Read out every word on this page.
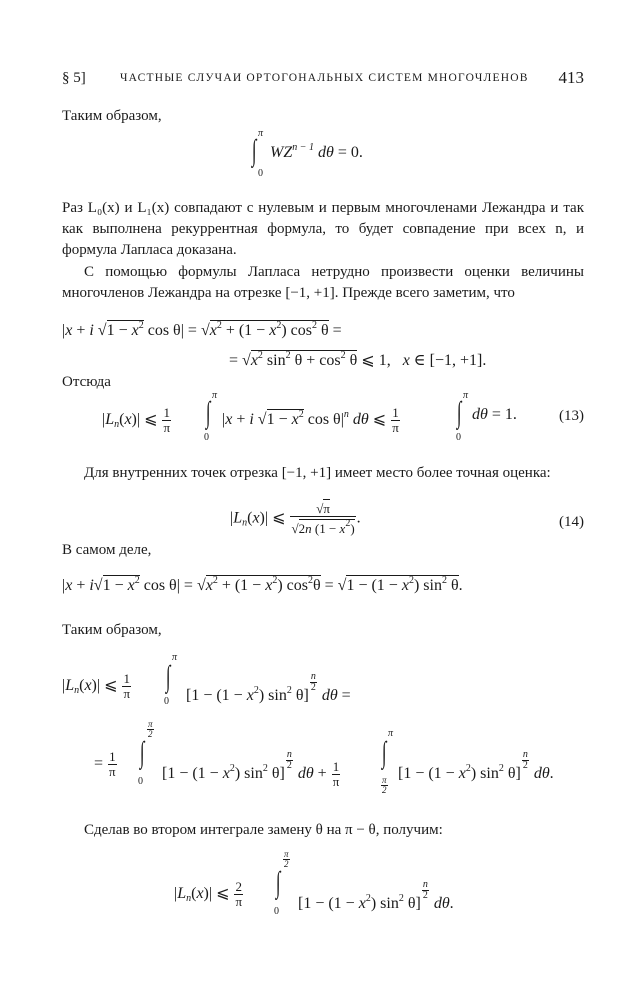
§ 5]	ЧАСТНЫЕ СЛУЧАИ ОРТОГОНАЛЬНЫХ СИСТЕМ МНОГОЧЛЕНОВ 413
Таким образом,
π
∫
0
$WZ^{n - 1}$ dθ = 0.
Раз L₀(x) и L₁(x) совпадают с нулевым и первым многочленами Лежандра и так как выполнена рекуррентная формула, то будет совпадение при всех n, и формула Лапласа доказана.
С помощью формулы Лапласа нетрудно произвести оценки величины многочленов Лежандра на отрезке [−1, +1]. Прежде всего заметим, что
|x + i $√1 - x^2$ $\cos \theta| = √x^2 + (1 - x^2)$ $\cos^2 \theta$ =
= $√x^2$ $\sin^2 \theta + \cos^2 \theta$ ⩽ 1,   x ∈ [−1, +1].
Отсюда
$|L_n(x)|$ ⩽ $\frac{1}{\pi}$
π
∫
0
|x + i $√1 - x^2$ $\cos \theta|^n$ dθ ⩽ $\frac{1}{\pi}$
π
∫
0
dθ = 1.	(13)
Для внутренних точек отрезка [−1, +1] имеет место более точная оценка:
$|L_n(x)|$ ⩽ $\frac{√\pi}{√2n (1 - x^2)}$ .	(14)
В самом деле,
$|x + i√1 - x^2$ $\cos \theta| = √x^2 + (1 - x^2) \cos^2\theta = √1 - (1 - x^2)$ $\sin^2 \theta$.
Таким образом,
$|L_n(x)|$ ⩽ $\frac{1}{\pi}$
π
∫
0 [$1 - (1 - x^2)$ $\sin^2 \theta$]
$\frac{n}{2}$
dθ =
= $\frac{1}{\pi}$
$\frac{\pi}{2}$
∫
0 [$1 - (1 - x^2)$ $\sin^2 \theta$]
$\frac{n}{2}$
$d\theta + \frac{1}{\pi}$
π
∫
$\frac{\pi}{2}$
[$1 - (1 - x^2)$ $\sin^2 \theta$]
$\frac{n}{2}$
dθ.
Сделав во втором интеграле замену θ на π − θ, получим:
$|L_n(x)|$ ⩽ $\frac{2}{\pi}$
$\frac{\pi}{2}$
∫
0 [$1 - (1 - x^2)$ $\sin^2 \theta$]
$\frac{n}{2}$
dθ.
